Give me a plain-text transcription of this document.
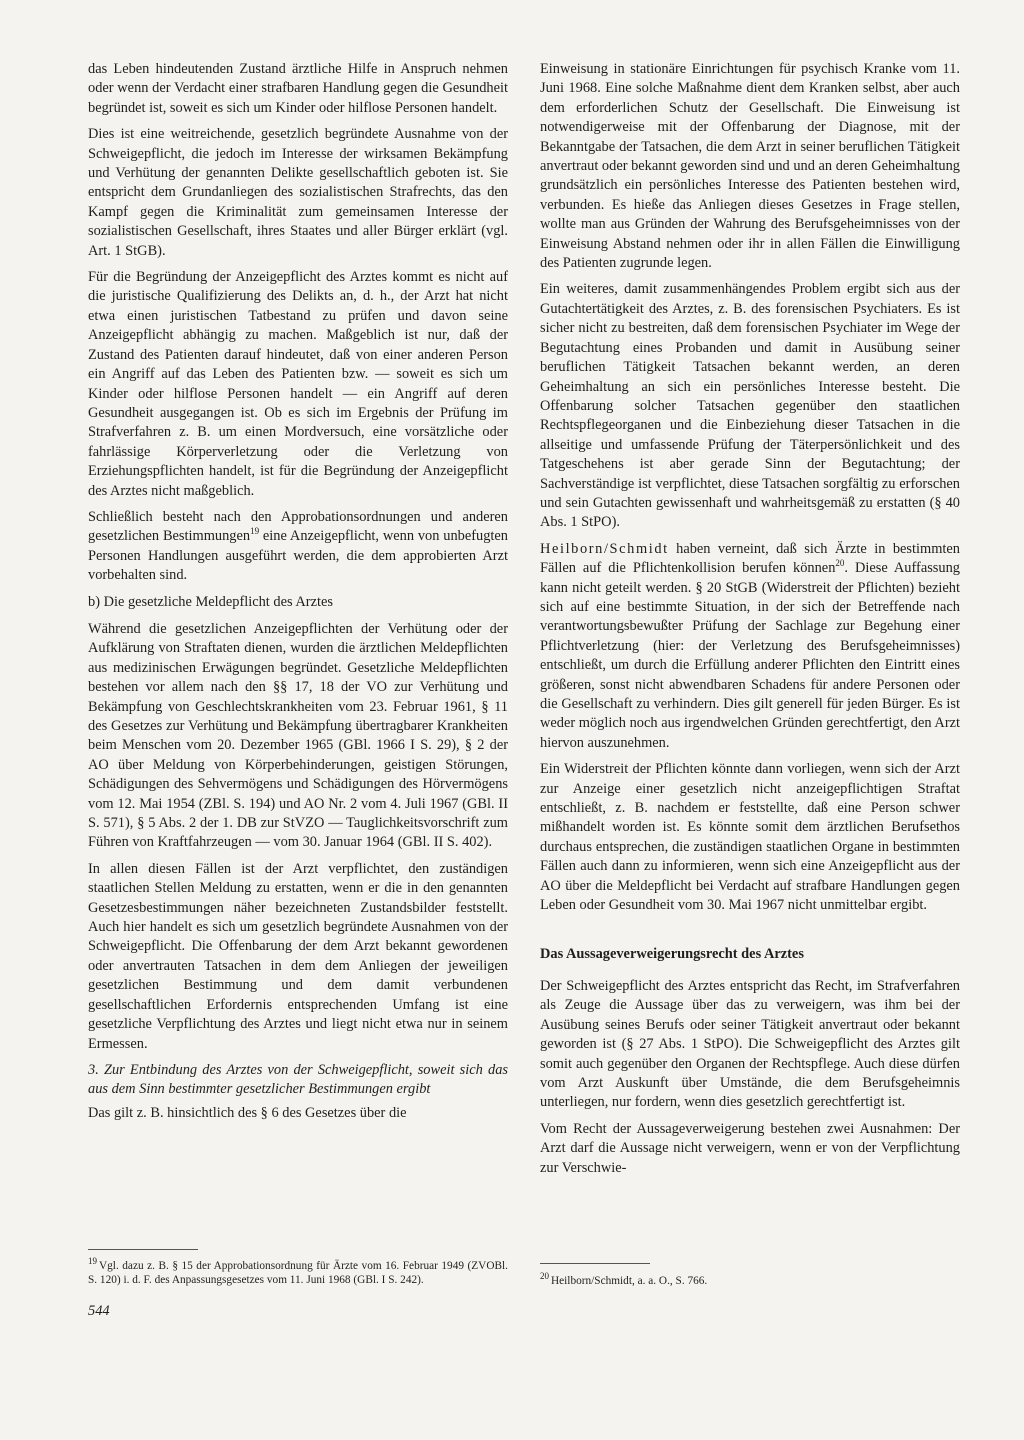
das Leben hindeutenden Zustand ärztliche Hilfe in Anspruch nehmen oder wenn der Verdacht einer strafbaren Handlung gegen die Gesundheit begründet ist, soweit es sich um Kinder oder hilflose Personen handelt.

Dies ist eine weitreichende, gesetzlich begründete Ausnahme von der Schweigepflicht, die jedoch im Interesse der wirksamen Bekämpfung und Verhütung der genannten Delikte gesellschaftlich geboten ist. Sie entspricht dem Grundanliegen des sozialistischen Strafrechts, das den Kampf gegen die Kriminalität zum gemeinsamen Interesse der sozialistischen Gesellschaft, ihres Staates und aller Bürger erklärt (vgl. Art. 1 StGB).

Für die Begründung der Anzeigepflicht des Arztes kommt es nicht auf die juristische Qualifizierung des Delikts an, d. h., der Arzt hat nicht etwa einen juristischen Tatbestand zu prüfen und davon seine Anzeigepflicht abhängig zu machen. Maßgeblich ist nur, daß der Zustand des Patienten darauf hindeutet, daß von einer anderen Person ein Angriff auf das Leben des Patienten bzw. — soweit es sich um Kinder oder hilflose Personen handelt — ein Angriff auf deren Gesundheit ausgegangen ist. Ob es sich im Ergebnis der Prüfung im Strafverfahren z. B. um einen Mordversuch, eine vorsätzliche oder fahrlässige Körperverletzung oder die Verletzung von Erziehungspflichten handelt, ist für die Begründung der Anzeigepflicht des Arztes nicht maßgeblich.

Schließlich besteht nach den Approbationsordnungen und anderen gesetzlichen Bestimmungen$^{19}$ eine Anzeigepflicht, wenn von unbefugten Personen Handlungen ausgeführt werden, die dem approbierten Arzt vorbehalten sind.

b) Die gesetzliche Meldepflicht des Arztes

Während die gesetzlichen Anzeigepflichten der Verhütung oder der Aufklärung von Straftaten dienen, wurden die ärztlichen Meldepflichten aus medizinischen Erwägungen begründet. Gesetzliche Meldepflichten bestehen vor allem nach den §§ 17, 18 der VO zur Verhütung und Bekämpfung von Geschlechtskrankheiten vom 23. Februar 1961, § 11 des Gesetzes zur Verhütung und Bekämpfung übertragbarer Krankheiten beim Menschen vom 20. Dezember 1965 (GBl. 1966 I S. 29), § 2 der AO über Meldung von Körperbehinderungen, geistigen Störungen, Schädigungen des Sehvermögens und Schädigungen des Hörvermögens vom 12. Mai 1954 (ZBl. S. 194) und AO Nr. 2 vom 4. Juli 1967 (GBl. II S. 571), § 5 Abs. 2 der 1. DB zur StVZO — Tauglichkeitsvorschrift zum Führen von Kraftfahrzeugen — vom 30. Januar 1964 (GBl. II S. 402).

In allen diesen Fällen ist der Arzt verpflichtet, den zuständigen staatlichen Stellen Meldung zu erstatten, wenn er die in den genannten Gesetzesbestimmungen näher bezeichneten Zustandsbilder feststellt. Auch hier handelt es sich um gesetzlich begründete Ausnahmen von der Schweigepflicht. Die Offenbarung der dem Arzt bekannt gewordenen oder anvertrauten Tatsachen in dem dem Anliegen der jeweiligen gesetzlichen Bestimmung und dem damit verbundenen gesellschaftlichen Erfordernis entsprechenden Umfang ist eine gesetzliche Verpflichtung des Arztes und liegt nicht etwa nur in seinem Ermessen.

3. Zur Entbindung des Arztes von der Schweigepflicht, soweit sich das aus dem Sinn bestimmter gesetzlicher Bestimmungen ergibt

Das gilt z. B. hinsichtlich des § 6 des Gesetzes über die

$^{19}$ Vgl. dazu z. B. § 15 der Approbationsordnung für Ärzte vom 16. Februar 1949 (ZVOBl. S. 120) i. d. F. des Anpassungsgesetzes vom 11. Juni 1968 (GBl. I S. 242).

Einweisung in stationäre Einrichtungen für psychisch Kranke vom 11. Juni 1968. Eine solche Maßnahme dient dem Kranken selbst, aber auch dem erforderlichen Schutz der Gesellschaft. Die Einweisung ist notwendigerweise mit der Offenbarung der Diagnose, mit der Bekanntgabe der Tatsachen, die dem Arzt in seiner beruflichen Tätigkeit anvertraut oder bekannt geworden sind und und an deren Geheimhaltung grundsätzlich ein persönliches Interesse des Patienten bestehen wird, verbunden. Es hieße das Anliegen dieses Gesetzes in Frage stellen, wollte man aus Gründen der Wahrung des Berufsgeheimnisses von der Einweisung Abstand nehmen oder ihr in allen Fällen die Einwilligung des Patienten zugrunde legen.

Ein weiteres, damit zusammenhängendes Problem ergibt sich aus der Gutachtertätigkeit des Arztes, z. B. des forensischen Psychiaters. Es ist sicher nicht zu bestreiten, daß dem forensischen Psychiater im Wege der Begutachtung eines Probanden und damit in Ausübung seiner beruflichen Tätigkeit Tatsachen bekannt werden, an deren Geheimhaltung an sich ein persönliches Interesse besteht. Die Offenbarung solcher Tatsachen gegenüber den staatlichen Rechtspflegeorganen und die Einbeziehung dieser Tatsachen in die allseitige und umfassende Prüfung der Täterpersönlichkeit und des Tatgeschehens ist aber gerade Sinn der Begutachtung; der Sachverständige ist verpflichtet, diese Tatsachen sorgfältig zu erforschen und sein Gutachten gewissenhaft und wahrheitsgemäß zu erstatten (§ 40 Abs. 1 StPO).

Heilborn/Schmidt haben verneint, daß sich Ärzte in bestimmten Fällen auf die Pflichtenkollision berufen können$^{20}$. Diese Auffassung kann nicht geteilt werden. § 20 StGB (Widerstreit der Pflichten) bezieht sich auf eine bestimmte Situation, in der sich der Betreffende nach verantwortungsbewußter Prüfung der Sachlage zur Begehung einer Pflichtverletzung (hier: der Verletzung des Berufsgeheimnisses) entschließt, um durch die Erfüllung anderer Pflichten den Eintritt eines größeren, sonst nicht abwendbaren Schadens für andere Personen oder die Gesellschaft zu verhindern. Dies gilt generell für jeden Bürger. Es ist weder möglich noch aus irgendwelchen Gründen gerechtfertigt, den Arzt hiervon auszunehmen.

Ein Widerstreit der Pflichten könnte dann vorliegen, wenn sich der Arzt zur Anzeige einer gesetzlich nicht anzeigepflichtigen Straftat entschließt, z. B. nachdem er feststellte, daß eine Person schwer mißhandelt worden ist. Es könnte somit dem ärztlichen Berufsethos durchaus entsprechen, die zuständigen staatlichen Organe in bestimmten Fällen auch dann zu informieren, wenn sich eine Anzeigepflicht aus der AO über die Meldepflicht bei Verdacht auf strafbare Handlungen gegen Leben oder Gesundheit vom 30. Mai 1967 nicht unmittelbar ergibt.

Das Aussageverweigerungsrecht des Arztes

Der Schweigepflicht des Arztes entspricht das Recht, im Strafverfahren als Zeuge die Aussage über das zu verweigern, was ihm bei der Ausübung seines Berufs oder seiner Tätigkeit anvertraut oder bekannt geworden ist (§ 27 Abs. 1 StPO). Die Schweigepflicht des Arztes gilt somit auch gegenüber den Organen der Rechtspflege. Auch diese dürfen vom Arzt Auskunft über Umstände, die dem Berufsgeheimnis unterliegen, nur fordern, wenn dies gesetzlich gerechtfertigt ist.

Vom Recht der Aussageverweigerung bestehen zwei Ausnahmen: Der Arzt darf die Aussage nicht verweigern, wenn er von der Verpflichtung zur Verschwie-

$^{20}$ Heilborn/Schmidt, a. a. O., S. 766.
544
